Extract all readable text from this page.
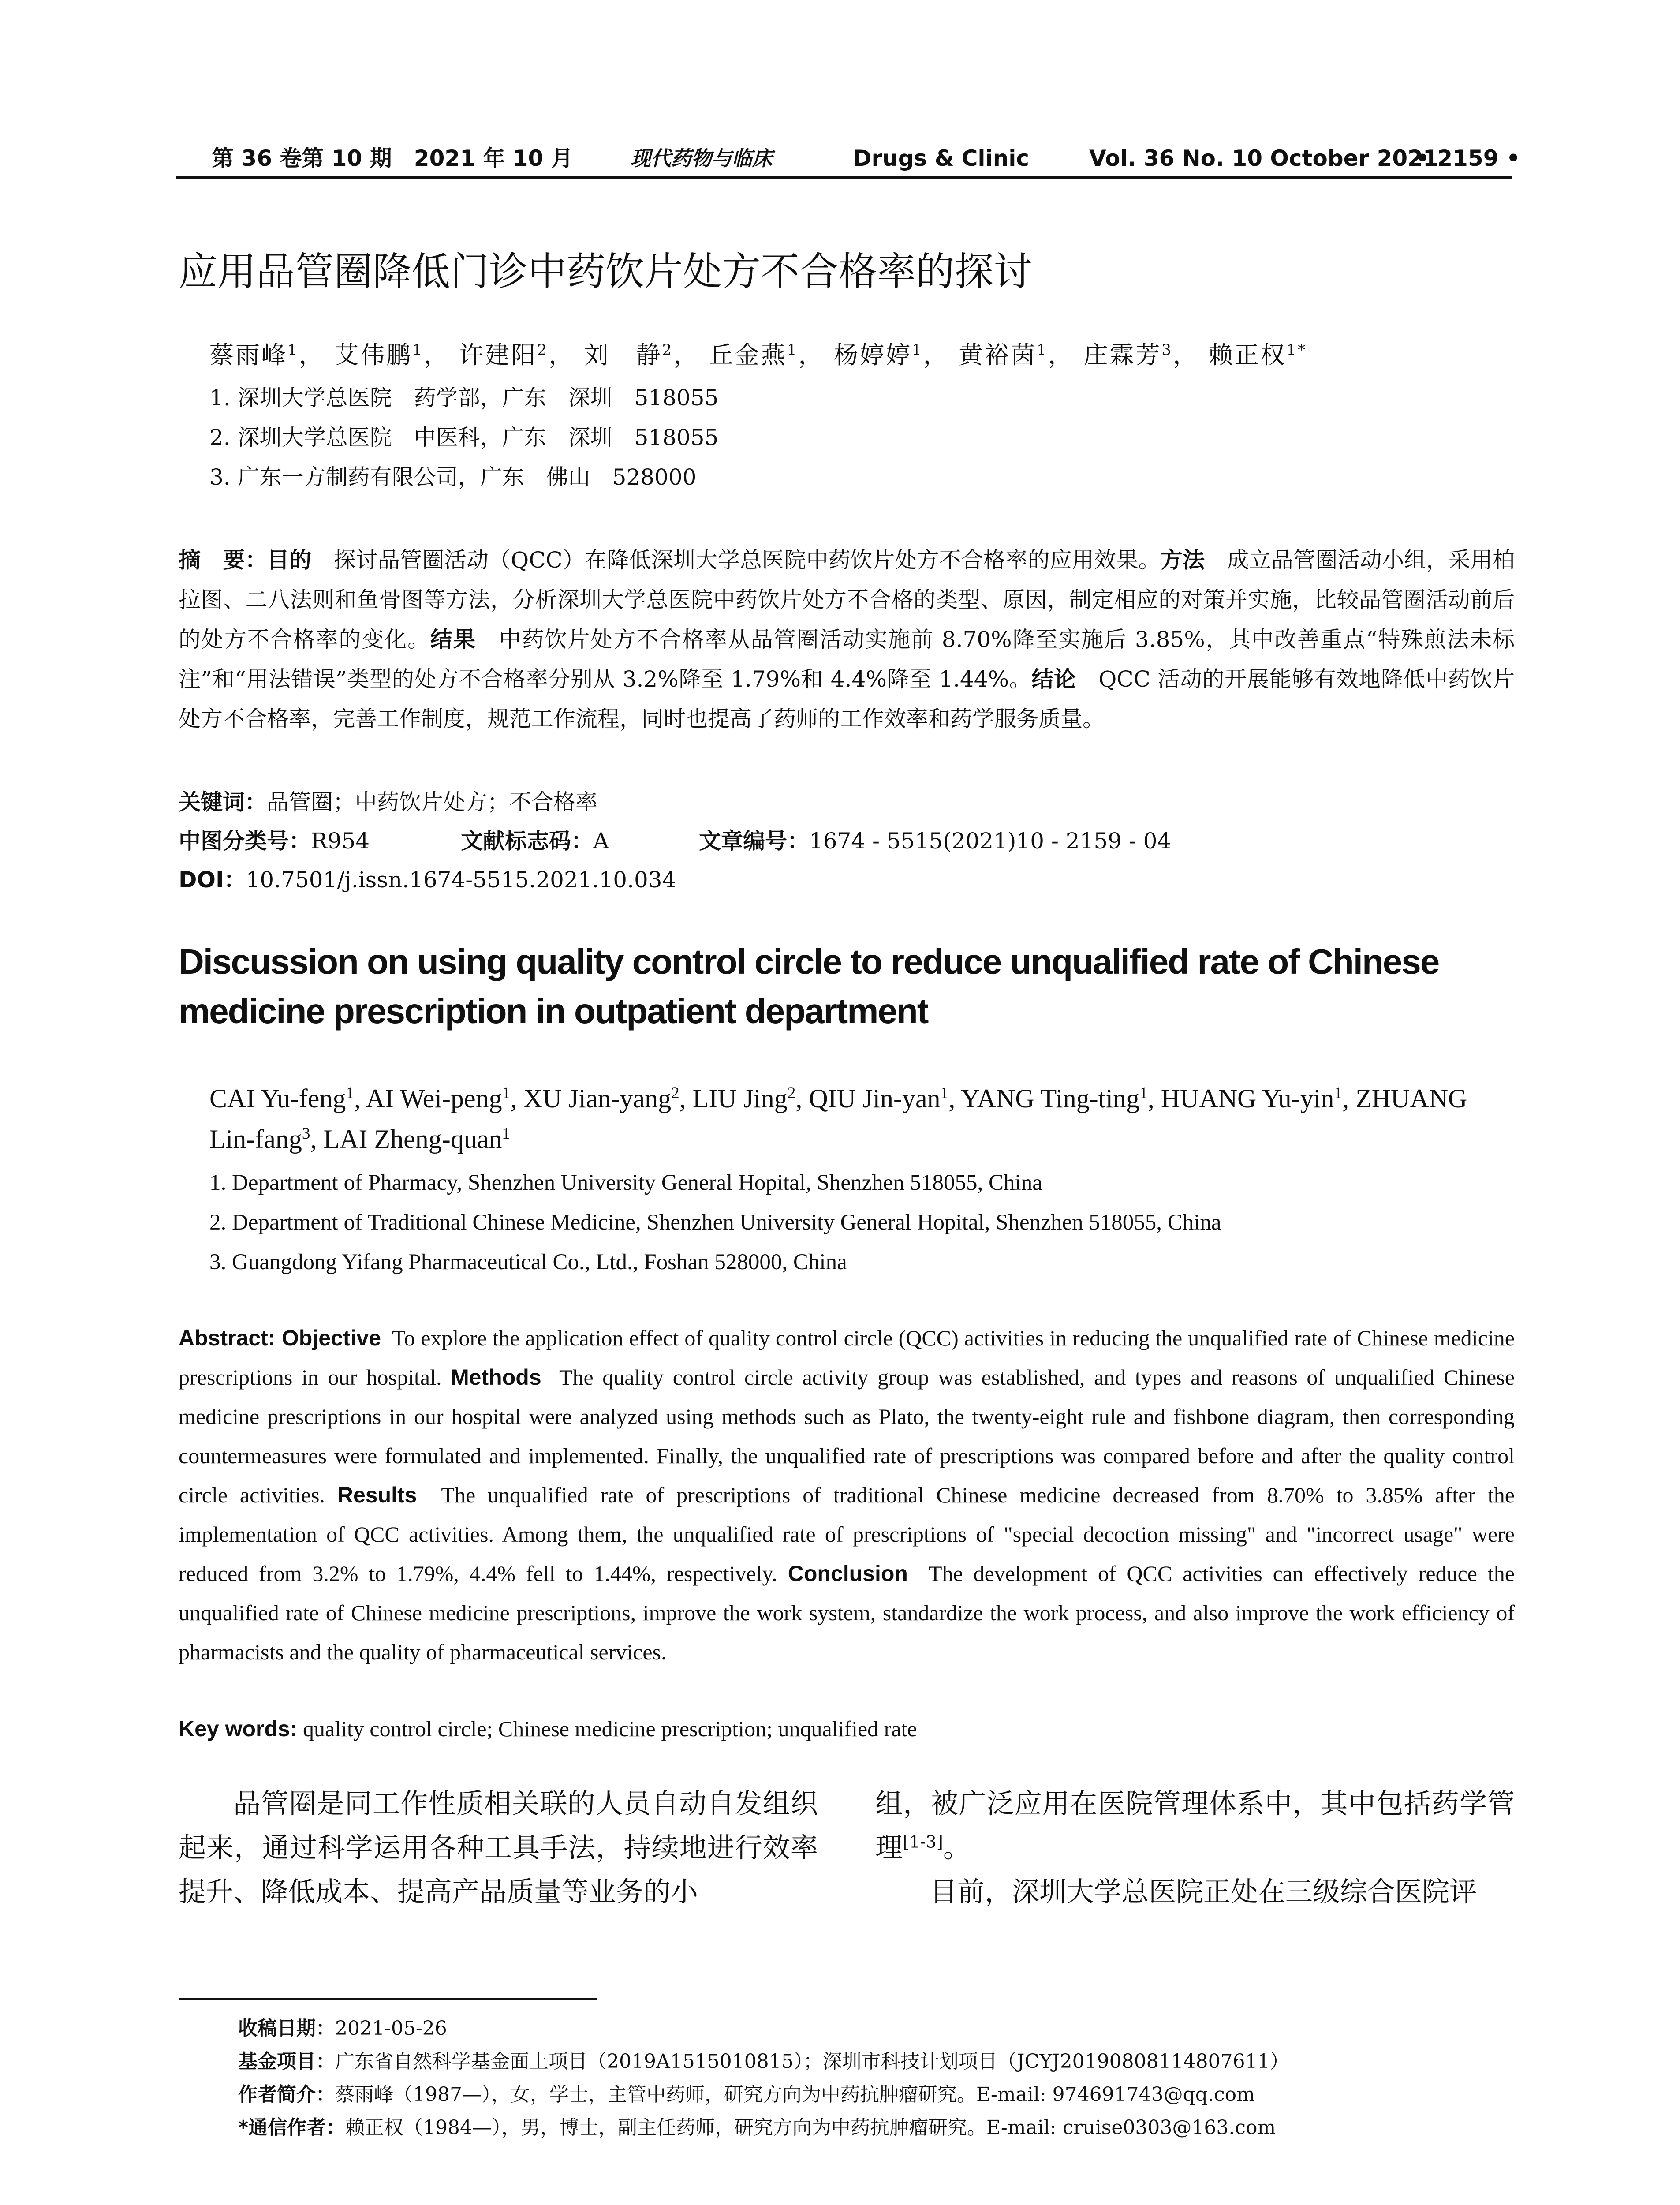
第 36 卷第 10 期　2021 年 10 月	现代药物与临床	Drugs & Clinic	Vol. 36 No. 10 October 2021
• 2159 •
应用品管圈降低门诊中药饮片处方不合格率的探讨
蔡雨峰$^1$， 艾伟鹏$^1$， 许建阳$^2$， 刘　静$^2$， 丘金燕$^1$， 杨婷婷$^1$， 黄裕茵$^1$， 庄霖芳$^3$， 赖正权$^{1*}$
1. 深圳大学总医院　药学部，广东　深圳　518055
2. 深圳大学总医院　中医科，广东　深圳　518055
3. 广东一方制药有限公司，广东　佛山　528000
摘　要：目的　探讨品管圈活动（QCC）在降低深圳大学总医院中药饮片处方不合格率的应用效果。方法　成立品管圈活动小组，采用柏拉图、二八法则和鱼骨图等方法，分析深圳大学总医院中药饮片处方不合格的类型、原因，制定相应的对策并实施，比较品管圈活动前后的处方不合格率的变化。结果　中药饮片处方不合格率从品管圈活动实施前 8.70%降至实施后 3.85%，其中改善重点“特殊煎法未标注”和“用法错误”类型的处方不合格率分别从 3.2%降至 1.79%和 4.4%降至 1.44%。结论　QCC 活动的开展能够有效地降低中药饮片处方不合格率，完善工作制度，规范工作流程，同时也提高了药师的工作效率和药学服务质量。
关键词：品管圈；中药饮片处方；不合格率
中图分类号：R954	文献标志码：A	文章编号：1674 - 5515(2021)10 - 2159 - 04
DOI：10.7501/j.issn.1674-5515.2021.10.034
Discussion on using quality control circle to reduce unqualified rate of Chinese medicine prescription in outpatient department
CAI Yu-feng$^1$, AI Wei-peng$^1$, XU Jian-yang$^2$, LIU Jing$^2$, QIU Jin-yan$^1$, YANG Ting-ting$^1$, HUANG Yu-yin$^1$, ZHUANG Lin-fang$^3$, LAI Zheng-quan$^1$
1. Department of Pharmacy, Shenzhen University General Hopital, Shenzhen 518055, China
2. Department of Traditional Chinese Medicine, Shenzhen University General Hopital, Shenzhen 518055, China
3. Guangdong Yifang Pharmaceutical Co., Ltd., Foshan 528000, China
Abstract: Objective To explore the application effect of quality control circle (QCC) activities in reducing the unqualified rate of Chinese medicine prescriptions in our hospital. Methods The quality control circle activity group was established, and types and reasons of unqualified Chinese medicine prescriptions in our hospital were analyzed using methods such as Plato, the twenty-eight rule and fishbone diagram, then corresponding countermeasures were formulated and implemented. Finally, the unqualified rate of prescriptions was compared before and after the quality control circle activities. Results The unqualified rate of prescriptions of traditional Chinese medicine decreased from 8.70% to 3.85% after the implementation of QCC activities. Among them, the unqualified rate of prescriptions of "special decoction missing" and "incorrect usage" were reduced from 3.2% to 1.79%, 4.4% fell to 1.44%, respectively. Conclusion The development of QCC activities can effectively reduce the unqualified rate of Chinese medicine prescriptions, improve the work system, standardize the work process, and also improve the work efficiency of pharmacists and the quality of pharmaceutical services.
Key words: quality control circle; Chinese medicine prescription; unqualified rate

品管圈是同工作性质相关联的人员自动自发组织起来，通过科学运用各种工具手法，持续地进行效率提升、降低成本、提高产品质量等业务的小

组，被广泛应用在医院管理体系中，其中包括药学管理[1-3]。

目前，深圳大学总医院正处在三级综合医院评

收稿日期：2021-05-26
基金项目：广东省自然科学基金面上项目（2019A1515010815）；深圳市科技计划项目（JCYJ20190808114807611）
作者简介：蔡雨峰（1987—），女，学士，主管中药师，研究方向为中药抗肿瘤研究。E-mail: 974691743@qq.com
*通信作者：赖正权（1984—），男，博士，副主任药师，研究方向为中药抗肿瘤研究。E-mail: cruise0303@163.com
